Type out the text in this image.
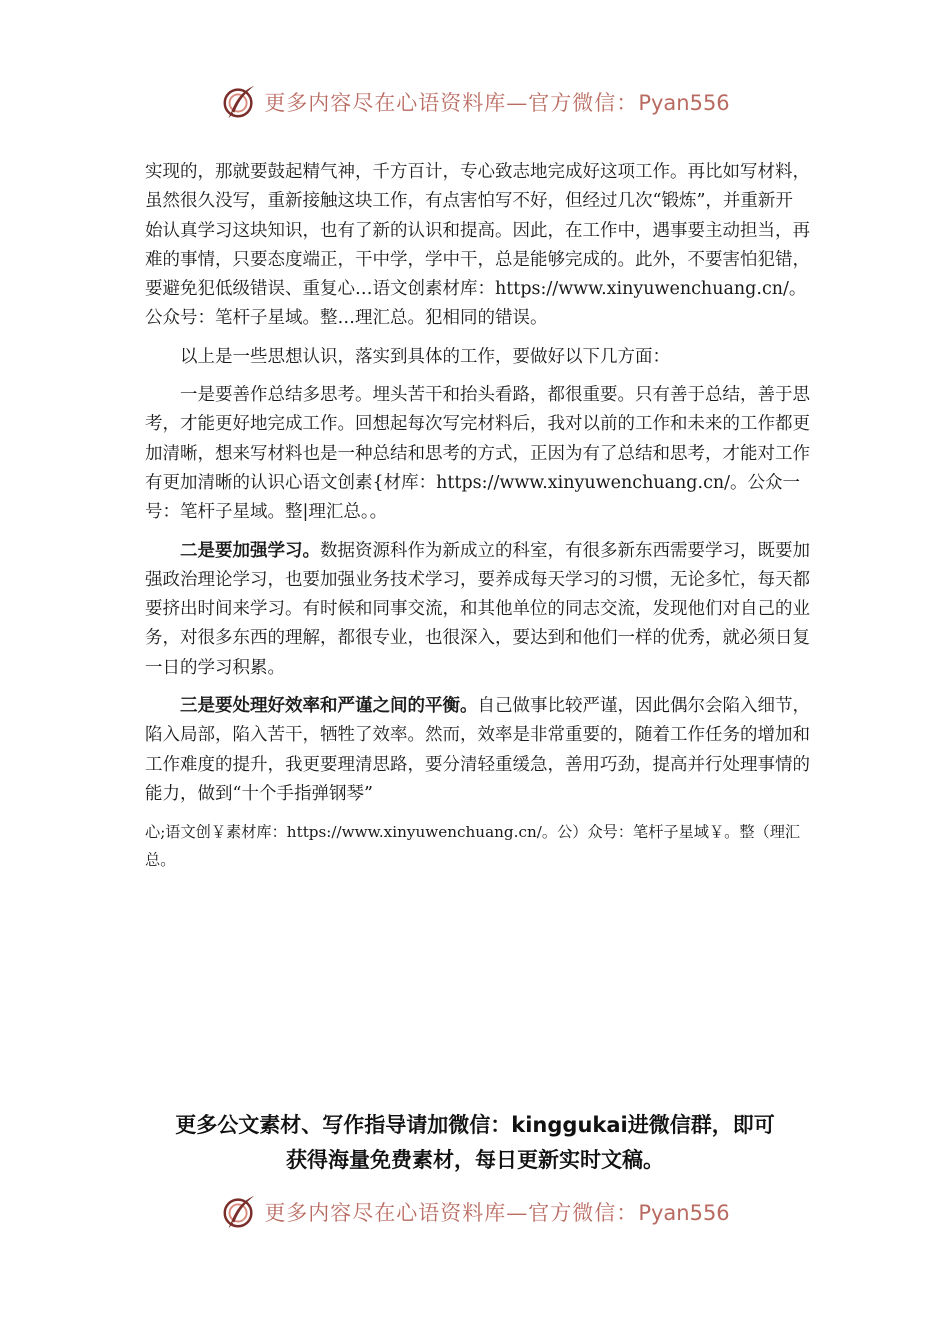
更多内容尽在心语资料库—官方微信：Pyan556

实现的，那就要鼓起精气神，千方百计，专心致志地完成好这项工作。再比如写材料，虽然很久没写，重新接触这块工作，有点害怕写不好，但经过几次“锻炼”，并重新开始认真学习这块知识，也有了新的认识和提高。因此，在工作中，遇事要主动担当，再难的事情，只要态度端正，干中学，学中干，总是能够完成的。此外，不要害怕犯错，要避免犯低级错误、重复心…语文创素材库：https://www.xinyuwenchuang.cn/。公众号：笔杆子星域。整…理汇总。犯相同的错误。

以上是一些思想认识，落实到具体的工作，要做好以下几方面：

一是要善作总结多思考。埋头苦干和抬头看路，都很重要。只有善于总结，善于思考，才能更好地完成工作。回想起每次写完材料后，我对以前的工作和未来的工作都更加清晰，想来写材料也是一种总结和思考的方式，正因为有了总结和思考，才能对工作有更加清晰的认识心语文创素{材库：https://www.xinyuwenchuang.cn/。公众一号：笔杆子星域。整|理汇总。。

二是要加强学习。数据资源科作为新成立的科室，有很多新东西需要学习，既要加强政治理论学习，也要加强业务技术学习，要养成每天学习的习惯，无论多忙，每天都要挤出时间来学习。有时候和同事交流，和其他单位的同志交流，发现他们对自己的业务，对很多东西的理解，都很专业，也很深入，要达到和他们一样的优秀，就必须日复一日的学习积累。

三是要处理好效率和严谨之间的平衡。自己做事比较严谨，因此偶尔会陷入细节，陷入局部，陷入苦干，牺牲了效率。然而，效率是非常重要的，随着工作任务的增加和工作难度的提升，我更要理清思路，要分清轻重缓急，善用巧劲，提高并行处理事情的能力，做到“十个手指弹钢琴”

心;语文创￥素材库：https://www.xinyuwenchuang.cn/。公）众号：笔杆子星域￥。整（理汇总。

更多公文素材、写作指导请加微信：kinggukai进微信群，即可
获得海量免费素材，每日更新实时文稿。
更多内容尽在心语资料库—官方微信：Pyan556
